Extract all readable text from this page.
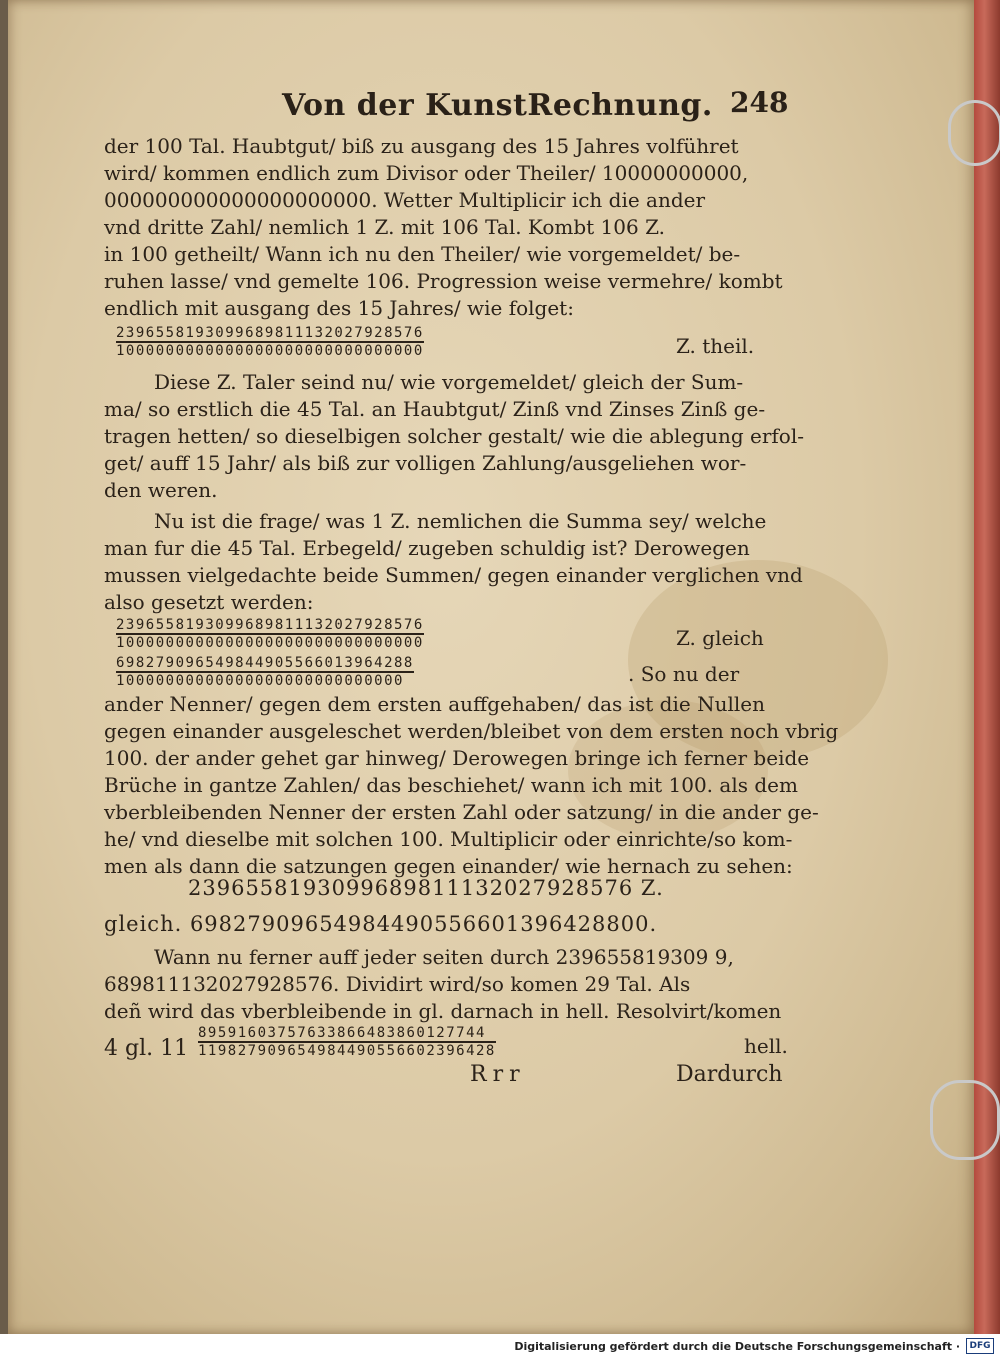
Von der KunstRechnung. 248
der 100 Tal. Haubtgut/ biß zu ausgang des 15 Jahres volführet
wird/ kommen endlich zum Divisor oder Theiler/ 10000000000,
000000000000000000000. Wetter Multiplicir ich die ander
vnd dritte Zahl/ nemlich 1 Z. mit 106 Tal. Kombt 106 Z.
in 100 getheilt/ Wann ich nu den Theiler/ wie vorgemeldet/ be-
ruhen lasse/ vnd gemelte 106. Progression weise vermehre/ kombt
endlich mit ausgang des 15 Jahres/ wie folget:
2396558193099689811132027928576
1000000000000000000000000000000	Z. theil.
Diese Z. Taler seind nu/ wie vorgemeldet/ gleich der Sum-
ma/ so erstlich die 45 Tal. an Haubtgut/ Zinß vnd Zinses Zinß ge-
tragen hetten/ so dieselbigen solcher gestalt/ wie die ablegung erfol-
get/ auff 15 Jahr/ als biß zur volligen Zahlung/ausgeliehen wor-
den weren.
Nu ist die frage/ was 1 Z. nemlichen die Summa sey/ welche
man fur die 45 Tal. Erbegeld/ zugeben schuldig ist? Derowegen
mussen vielgedachte beide Summen/ gegen einander verglichen vnd
also gesetzt werden:
2396558193099689811132027928576
1000000000000000000000000000000	Z. gleich
698279096549844905566013964288
10000000000000000000000000000	. So nu der
ander Nenner/ gegen dem ersten auffgehaben/ das ist die Nullen
gegen einander ausgeleschet werden/bleibet von dem ersten noch vbrig
100. der ander gehet gar hinweg/ Derowegen bringe ich ferner beide
Brüche in gantze Zahlen/ das beschiehet/ wann ich mit 100. als dem
vberbleibenden Nenner der ersten Zahl oder satzung/ in die ander ge-
he/ vnd dieselbe mit solchen 100. Multiplicir oder einrichte/so kom-
men als dann die satzungen gegen einander/ wie hernach zu sehen:
2396558193099689811132027928576 Z.
gleich. 69827909654984490556601396428800.
Wann nu ferner auff jeder seiten durch 239655819309 9,
689811132027928576. Dividirt wird/so komen 29 Tal. Als
deñ wird das vberbleibende in gl. darnach in hell. Resolvirt/komen
4 gl. 11
89591603757633866483860127744
119827909654984490556602396428	hell.
Rrr	Dardurch
Digitalisierung gefördert durch die Deutsche Forschungsgemeinschaft ·	DFG
